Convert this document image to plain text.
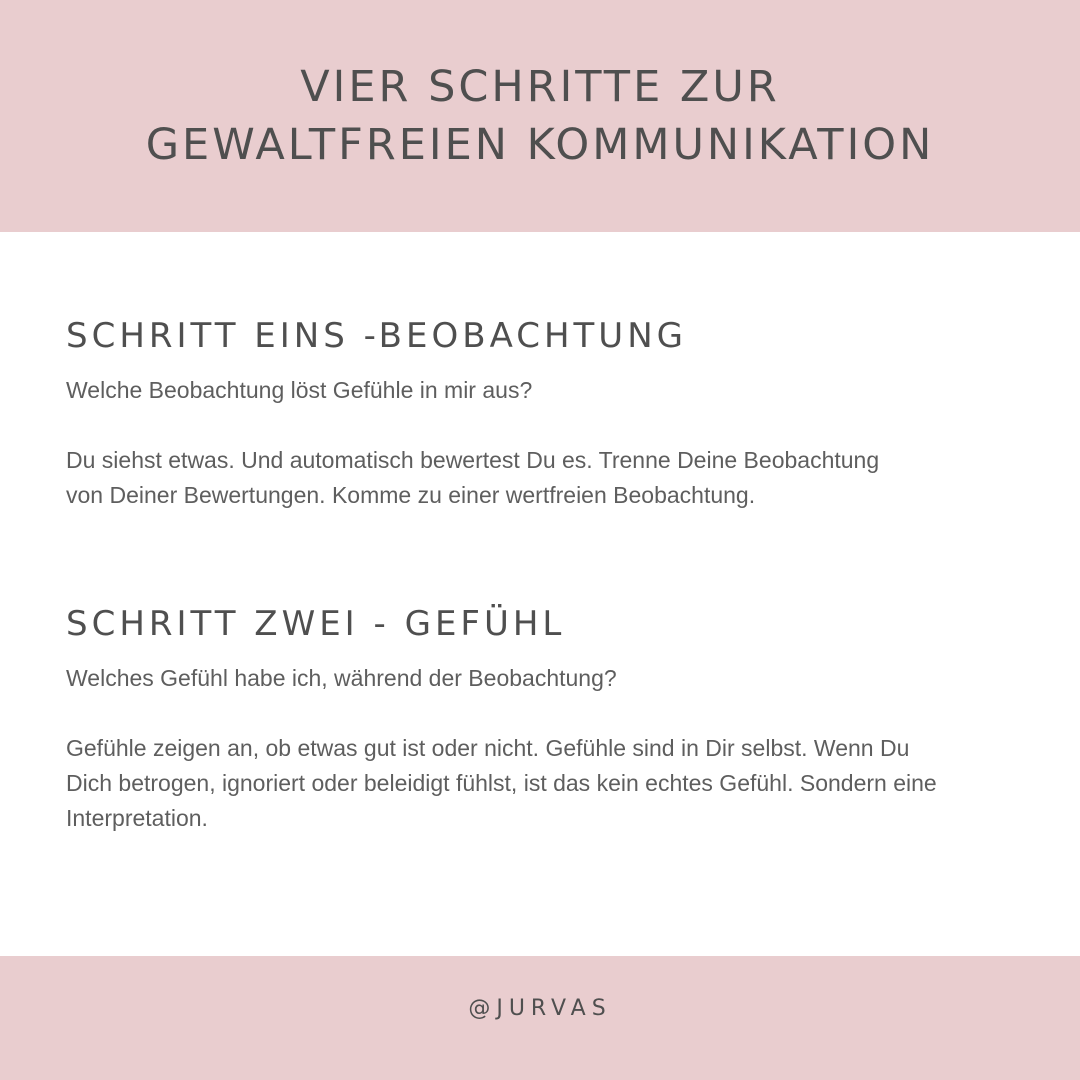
VIER SCHRITTE ZUR
GEWALTFREIEN KOMMUNIKATION
SCHRITT EINS -BEOBACHTUNG

Welche Beobachtung löst Gefühle in mir aus?

Du siehst etwas. Und automatisch bewertest Du es. Trenne Deine Beobachtung
von Deiner Bewertungen. Komme zu einer wertfreien Beobachtung.

SCHRITT ZWEI - GEFÜHL

Welches Gefühl habe ich, während der Beobachtung?

Gefühle zeigen an, ob etwas gut ist oder nicht. Gefühle sind in Dir selbst. Wenn Du
Dich betrogen, ignoriert oder beleidigt fühlst, ist das kein echtes Gefühl. Sondern eine
Interpretation.

@JURVAS
